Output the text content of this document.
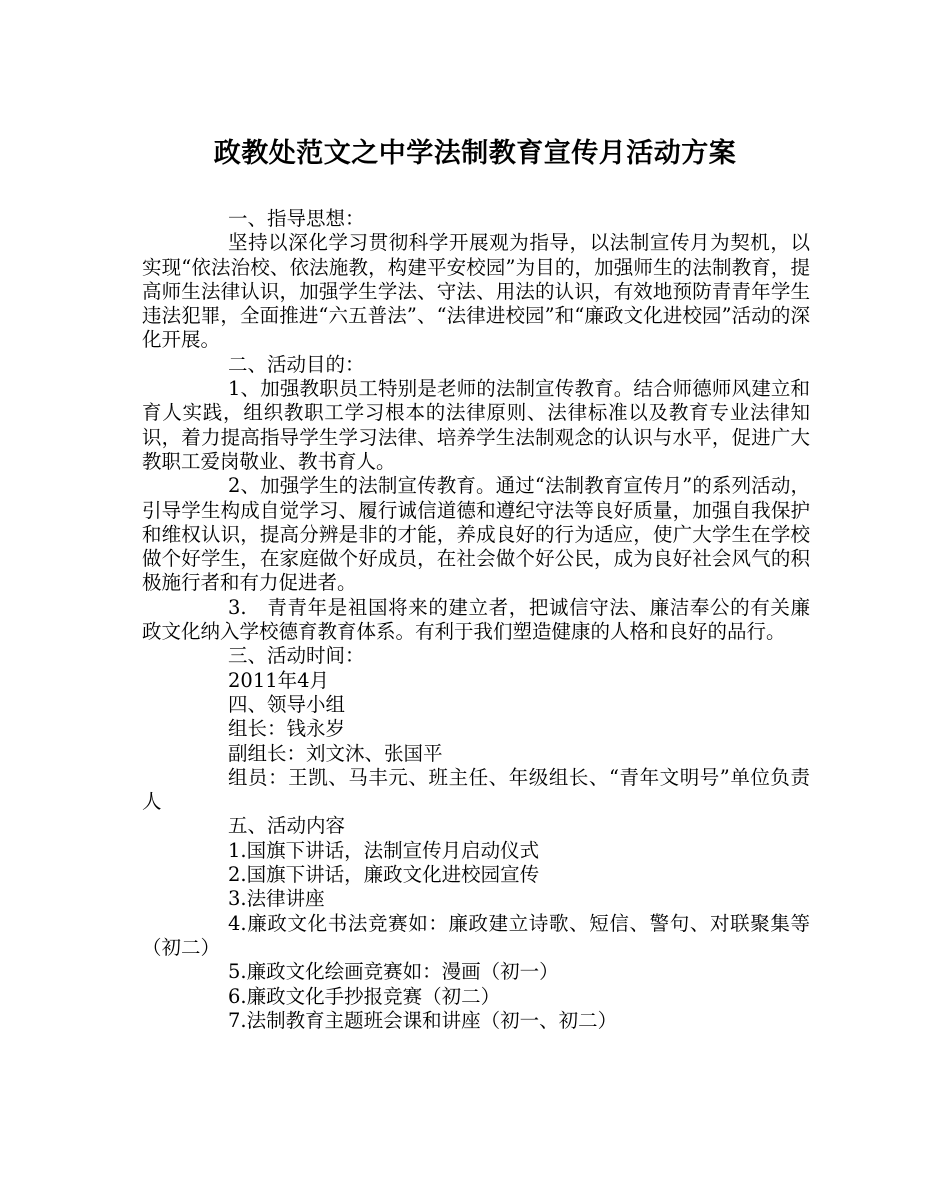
政教处范文之中学法制教育宣传月活动方案

一、指导思想：

坚持以深化学习贯彻科学开展观为指导，以法制宣传月为契机，以实现“依法治校、依法施教，构建平安校园”为目的，加强师生的法制教育，提高师生法律认识，加强学生学法、守法、用法的认识，有效地预防青青年学生违法犯罪，全面推进“六五普法”、“法律进校园”和“廉政文化进校园”活动的深化开展。

二、活动目的：

1、加强教职员工特别是老师的法制宣传教育。结合师德师风建立和育人实践，组织教职工学习根本的法律原则、法律标准以及教育专业法律知识，着力提高指导学生学习法律、培养学生法制观念的认识与水平，促进广大教职工爱岗敬业、教书育人。

2、加强学生的法制宣传教育。通过“法制教育宣传月”的系列活动，引导学生构成自觉学习、履行诚信道德和遵纪守法等良好质量，加强自我保护和维权认识，提高分辨是非的才能，养成良好的行为适应，使广大学生在学校做个好学生，在家庭做个好成员，在社会做个好公民，成为良好社会风气的积极施行者和有力促进者。

3.　青青年是祖国将来的建立者，把诚信守法、廉洁奉公的有关廉政文化纳入学校德育教育体系。有利于我们塑造健康的人格和良好的品行。

三、活动时间：

2011年4月

四、领导小组

组长：钱永岁

副组长：刘文沐、张国平

组员：王凯、马丰元、班主任、年级组长、“青年文明号”单位负责人

五、活动内容

1.国旗下讲话，法制宣传月启动仪式

2.国旗下讲话，廉政文化进校园宣传

3.法律讲座

4.廉政文化书法竞赛如：廉政建立诗歌、短信、警句、对联聚集等（初二）

5.廉政文化绘画竞赛如：漫画（初一）

6.廉政文化手抄报竞赛（初二）

7.法制教育主题班会课和讲座（初一、初二）
